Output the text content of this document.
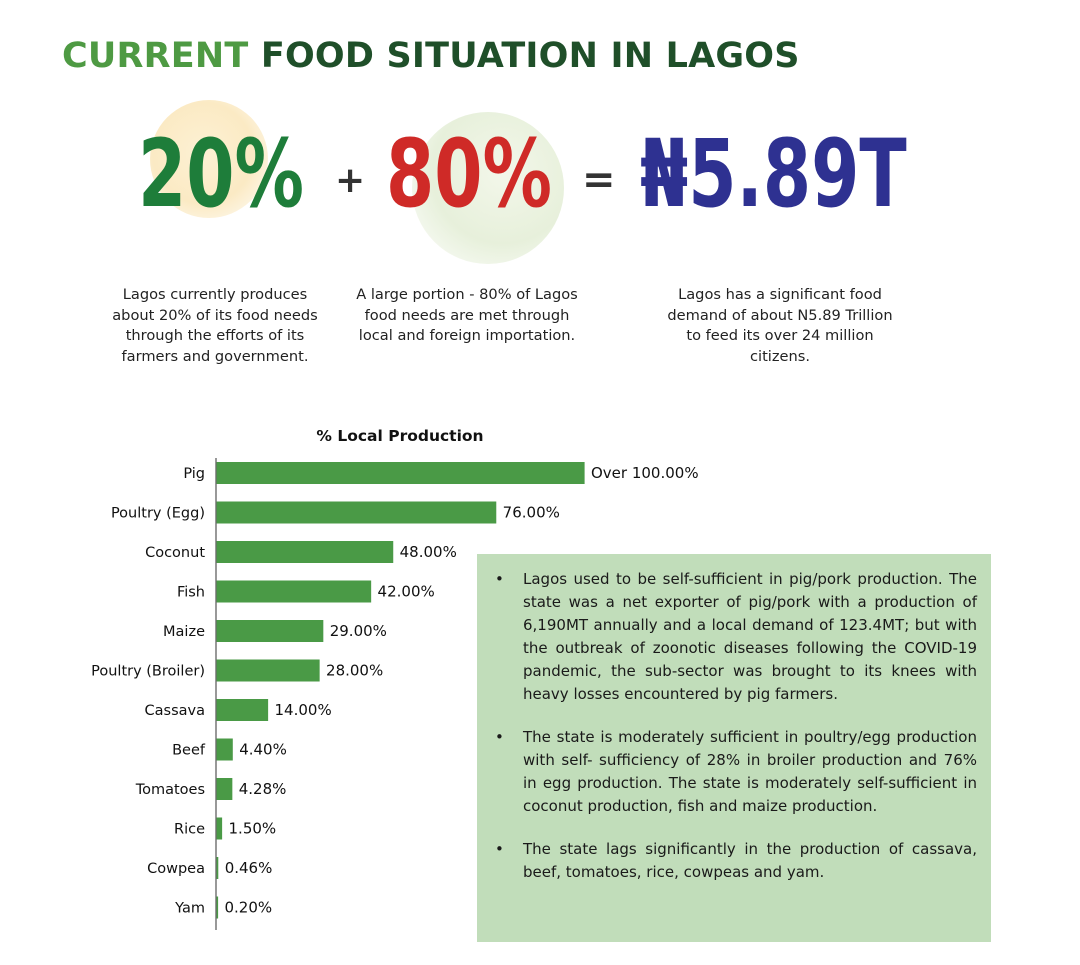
CURRENT FOOD SITUATION IN LAGOS
20% + 80% = ₦5.89T

Lagos currently produces about 20% of its food needs through the efforts of its farmers and government.

A large portion - 80% of Lagos food needs are met through local and foreign importation.

Lagos has a significant food demand of about N5.89 Trillion to feed its over 24 million citizens.

% Local Production
Pig	Over 100.00%
Poultry (Egg)	76.00%
Coconut	48.00%
Fish	42.00%
Maize	29.00%
Poultry (Broiler)	28.00%
Cassava	14.00%
Beef 4.40%
Tomatoes 4.28%
Rice 1.50%
Cowpea 0.46%
Yam 0.20%
• Lagos used to be self-sufficient in pig/pork production. The state was a net exporter of pig/pork with a production of 6,190MT annually and a local demand of 123.4MT; but with the outbreak of zoonotic diseases following the COVID-19 pandemic, the sub-sector was brought to its knees with heavy losses encountered by pig farmers.
• The state is moderately sufficient in poultry/egg production with self- sufficiency of 28% in broiler production and 76% in egg production. The state is moderately self-sufficient in coconut production, fish and maize production.
• The state lags significantly in the production of cassava, beef, tomatoes, rice, cowpeas and yam.
